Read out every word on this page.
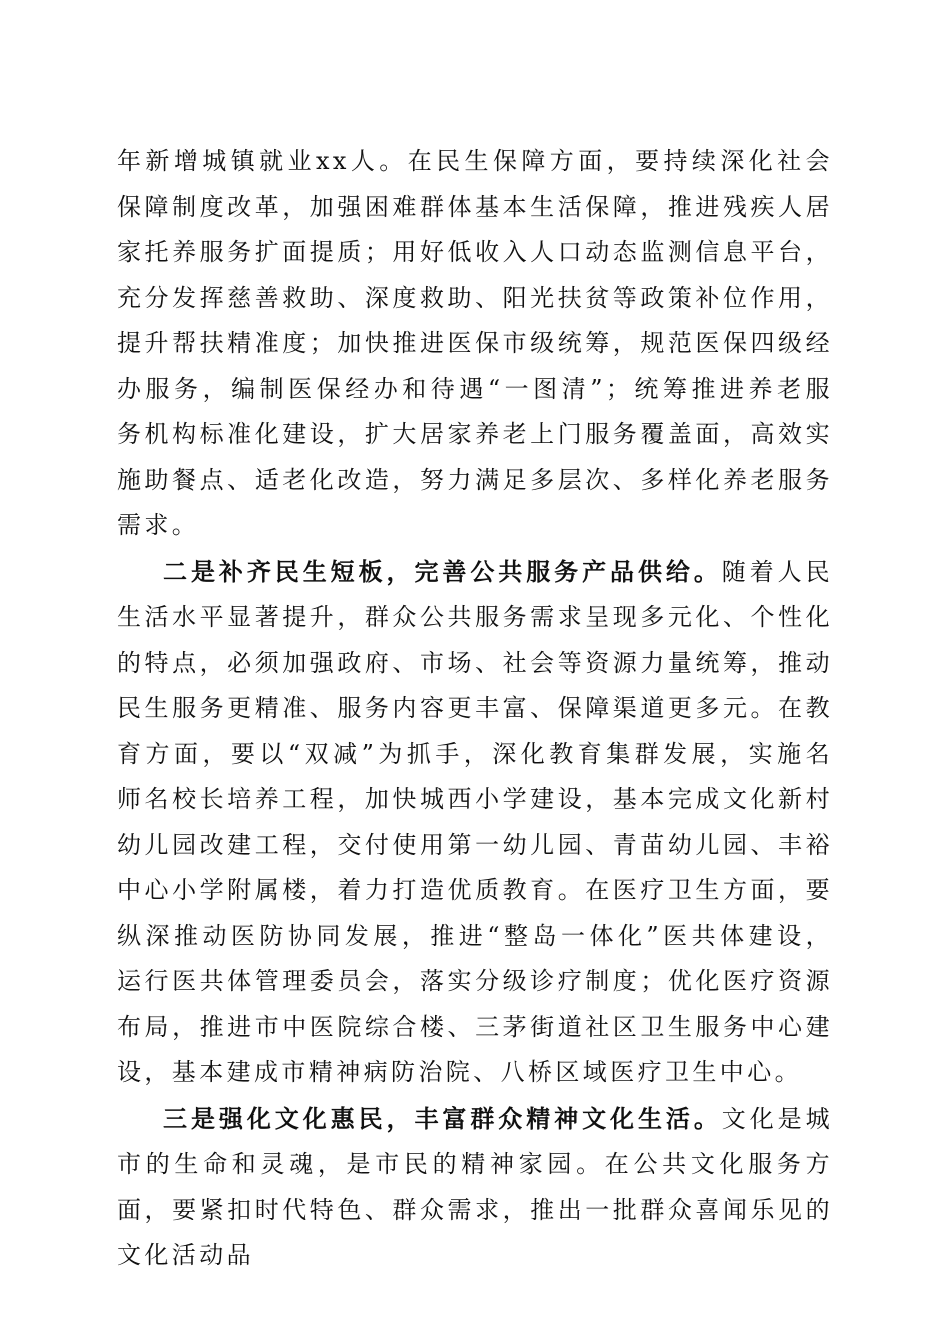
年新增城镇就业xx人。在民生保障方面，要持续深化社会保障制度改革，加强困难群体基本生活保障，推进残疾人居家托养服务扩面提质；用好低收入人口动态监测信息平台，充分发挥慈善救助、深度救助、阳光扶贫等政策补位作用，提升帮扶精准度；加快推进医保市级统筹，规范医保四级经办服务，编制医保经办和待遇“一图清”；统筹推进养老服务机构标准化建设，扩大居家养老上门服务覆盖面，高效实施助餐点、适老化改造，努力满足多层次、多样化养老服务需求。

二是补齐民生短板，完善公共服务产品供给。随着人民生活水平显著提升，群众公共服务需求呈现多元化、个性化的特点，必须加强政府、市场、社会等资源力量统筹，推动民生服务更精准、服务内容更丰富、保障渠道更多元。在教育方面，要以“双减”为抓手，深化教育集群发展，实施名师名校长培养工程，加快城西小学建设，基本完成文化新村幼儿园改建工程，交付使用第一幼儿园、青苗幼儿园、丰裕中心小学附属楼，着力打造优质教育。在医疗卫生方面，要纵深推动医防协同发展，推进“整岛一体化”医共体建设，运行医共体管理委员会，落实分级诊疗制度；优化医疗资源布局，推进市中医院综合楼、三茅街道社区卫生服务中心建设，基本建成市精神病防治院、八桥区域医疗卫生中心。

三是强化文化惠民，丰富群众精神文化生活。文化是城市的生命和灵魂，是市民的精神家园。在公共文化服务方面，要紧扣时代特色、群众需求，推出一批群众喜闻乐见的文化活动品
